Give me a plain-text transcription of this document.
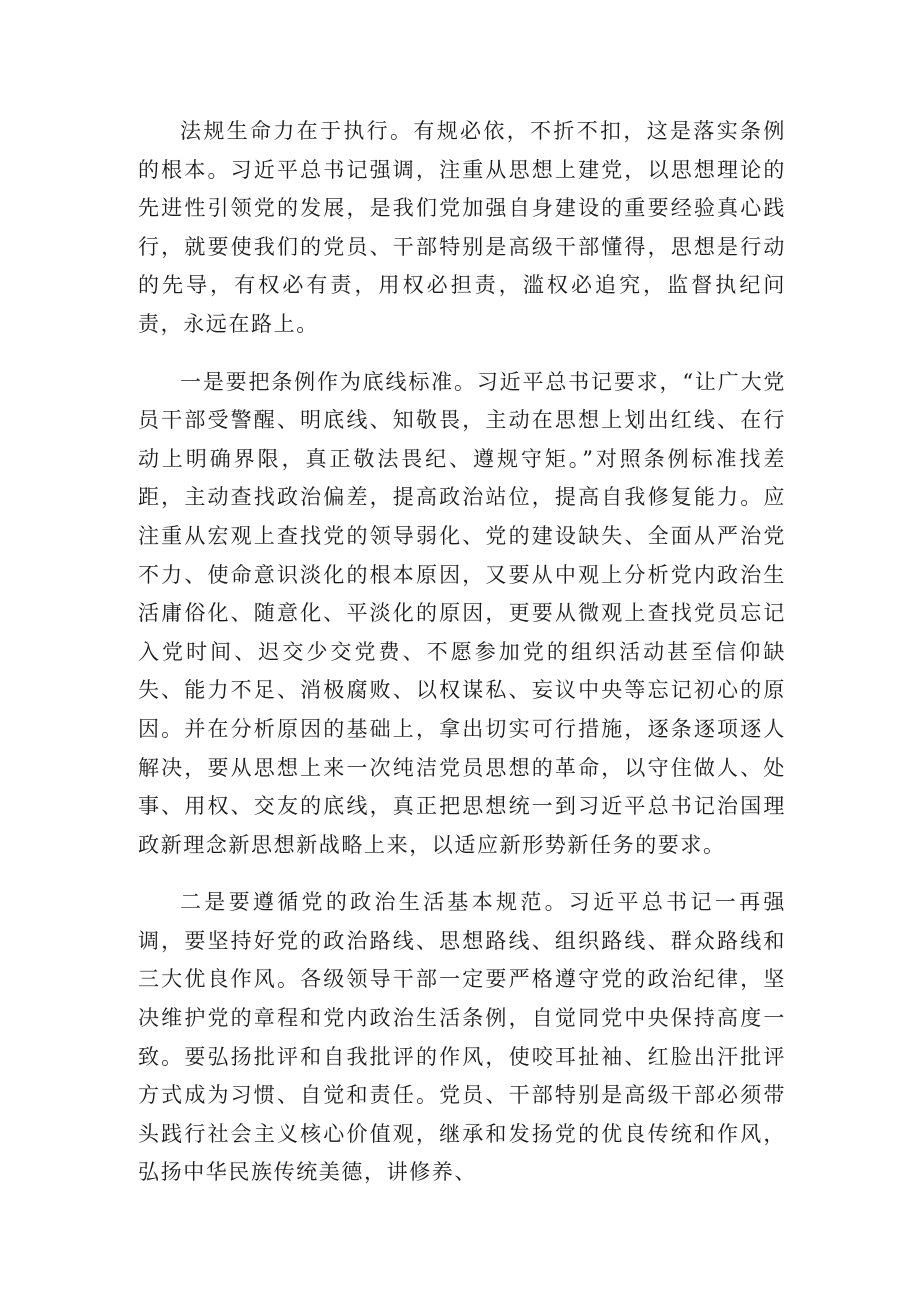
法规生命力在于执行。有规必依，不折不扣，这是落实条例的根本。习近平总书记强调，注重从思想上建党，以思想理论的先进性引领党的发展，是我们党加强自身建设的重要经验真心践行，就要使我们的党员、干部特别是高级干部懂得，思想是行动的先导，有权必有责，用权必担责，滥权必追究，监督执纪问责，永远在路上。

一是要把条例作为底线标准。习近平总书记要求，“让广大党员干部受警醒、明底线、知敬畏，主动在思想上划出红线、在行动上明确界限，真正敬法畏纪、遵规守矩。”对照条例标准找差距，主动查找政治偏差，提高政治站位，提高自我修复能力。应注重从宏观上查找党的领导弱化、党的建设缺失、全面从严治党不力、使命意识淡化的根本原因，又要从中观上分析党内政治生活庸俗化、随意化、平淡化的原因，更要从微观上查找党员忘记入党时间、迟交少交党费、不愿参加党的组织活动甚至信仰缺失、能力不足、消极腐败、以权谋私、妄议中央等忘记初心的原因。并在分析原因的基础上，拿出切实可行措施，逐条逐项逐人解决，要从思想上来一次纯洁党员思想的革命，以守住做人、处事、用权、交友的底线，真正把思想统一到习近平总书记治国理政新理念新思想新战略上来，以适应新形势新任务的要求。

二是要遵循党的政治生活基本规范。习近平总书记一再强调，要坚持好党的政治路线、思想路线、组织路线、群众路线和三大优良作风。各级领导干部一定要严格遵守党的政治纪律，坚决维护党的章程和党内政治生活条例，自觉同党中央保持高度一致。要弘扬批评和自我批评的作风，使咬耳扯袖、红脸出汗批评方式成为习惯、自觉和责任。党员、干部特别是高级干部必须带头践行社会主义核心价值观，继承和发扬党的优良传统和作风，弘扬中华民族传统美德，讲修养、
